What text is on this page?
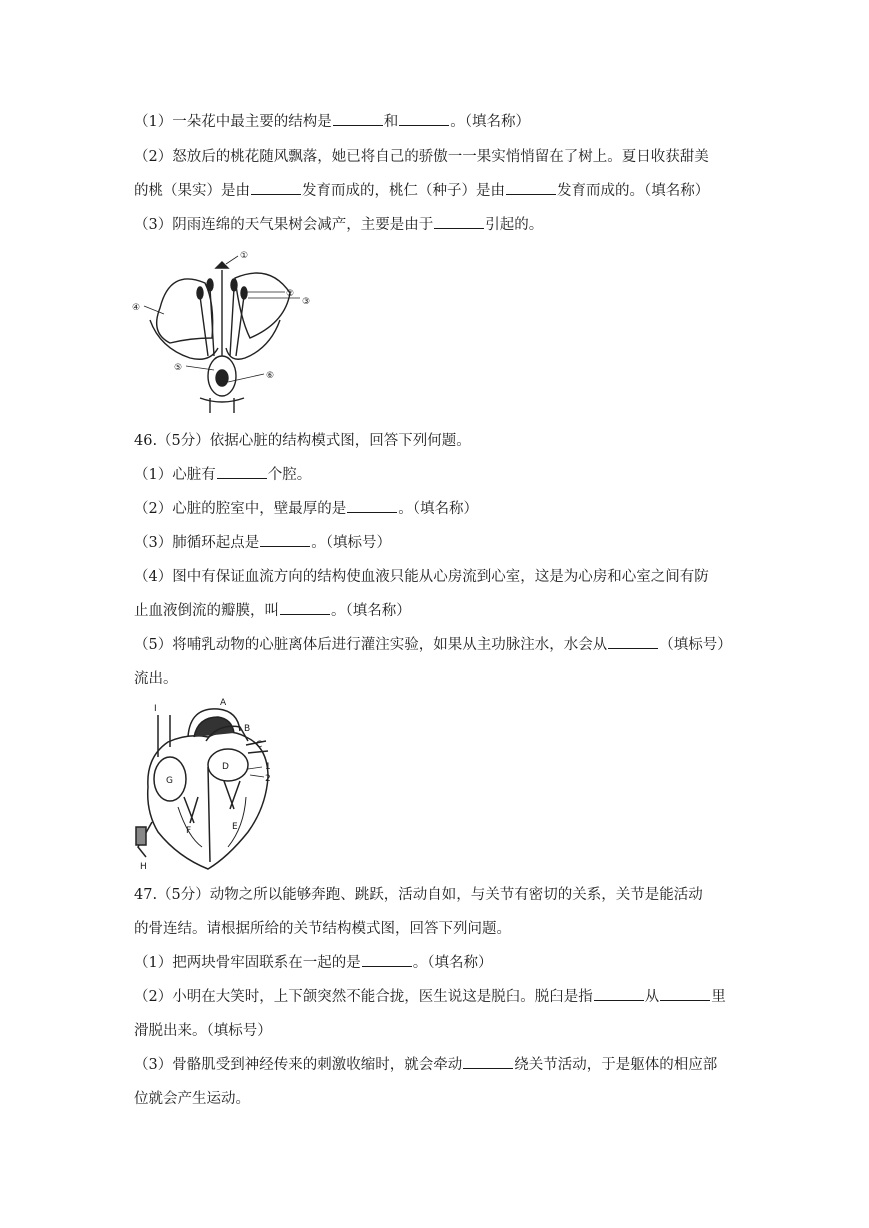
（1）一朵花中最主要的结构是	和	。（填名称）
（2）怒放后的桃花随风飘落，她已将自己的骄傲一一果实悄悄留在了树上。夏日收获甜美
的桃（果实）是由	发育而成的，桃仁（种子）是由	发育而成的。（填名称）
（3）阴雨连绵的天气果树会减产，主要是由于	引起的。
①
②
③
④
⑤
⑥
46.（5分）依据心脏的结构模式图，回答下列何题。
（1）心脏有	个腔。
（2）心脏的腔室中，壁最厚的是	。（填名称）
（3）肺循环起点是	。（填标号）
（4）图中有保证血流方向的结构使血液只能从心房流到心室，这是为心房和心室之间有防
止血液倒流的瓣膜，叫	。（填名称）
（5）将哺乳动物的心脏离体后进行灌注实验，如果从主功脉注水，水会从	（填标号）
流出。
I
A
B
C
D	1
2
G
F	E
H
47.（5分）动物之所以能够奔跑、跳跃，活动自如，与关节有密切的关系，关节是能活动
的骨连结。请根据所给的关节结构模式图，回答下列问题。
（1）把两块骨牢固联系在一起的是	。（填名称）
（2）小明在大笑时，上下颌突然不能合拢，医生说这是脱臼。脱臼是指	从	里
滑脱出来。（填标号）
（3）骨骼肌受到神经传来的刺激收缩时，就会牵动	绕关节活动，于是躯体的相应部
位就会产生运动。
